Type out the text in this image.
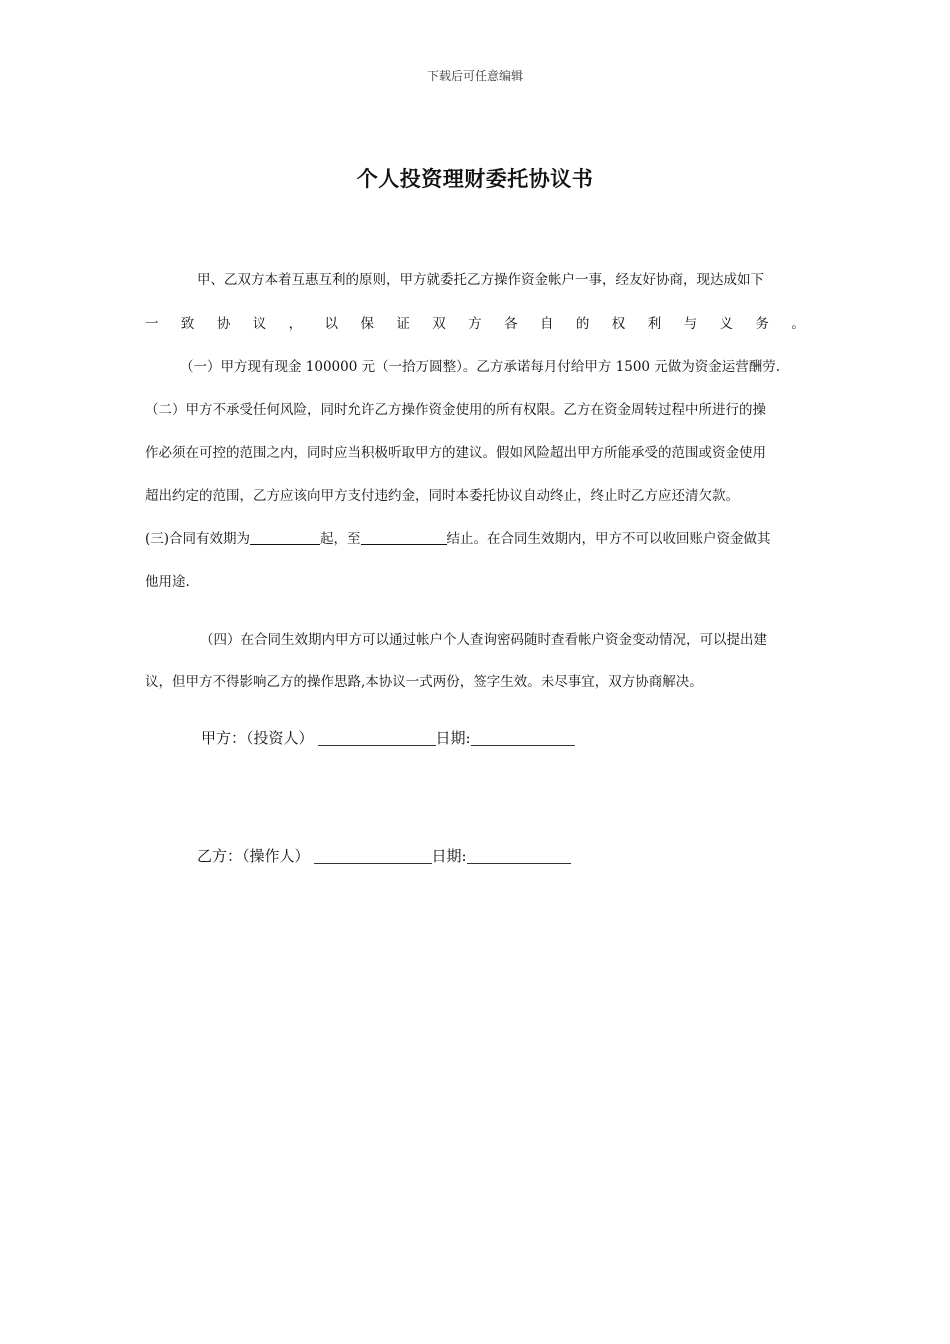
下载后可任意编辑
个人投资理财委托协议书
甲、乙双方本着互惠互利的原则，甲方就委托乙方操作资金帐户一事，经友好协商，现达成如下
一 致 协 议 ， 以 保 证 双 方 各 自 的 权 利 与 义 务 。
（一）甲方现有现金 100000 元（一拾万圆整）。乙方承诺每月付给甲方 1500 元做为资金运营酬劳.
（二）甲方不承受任何风险，同时允许乙方操作资金使用的所有权限。乙方在资金周转过程中所进行的操
作必须在可控的范围之内，同时应当积极听取甲方的建议。假如风险超出甲方所能承受的范围或资金使用
超出约定的范围，乙方应该向甲方支付违约金，同时本委托协议自动终止，终止时乙方应还清欠款。
(三)合同有效期为	起，至	结止。在合同生效期内，甲方不可以收回账户资金做其
他用途.
（四）在合同生效期内甲方可以通过帐户个人查询密码随时查看帐户资金变动情况，可以提出建
议，但甲方不得影响乙方的操作思路,本协议一式两份，签字生效。未尽事宜，双方协商解决。
甲方：（投资人）	日期:
乙方：（操作人）	日期:
